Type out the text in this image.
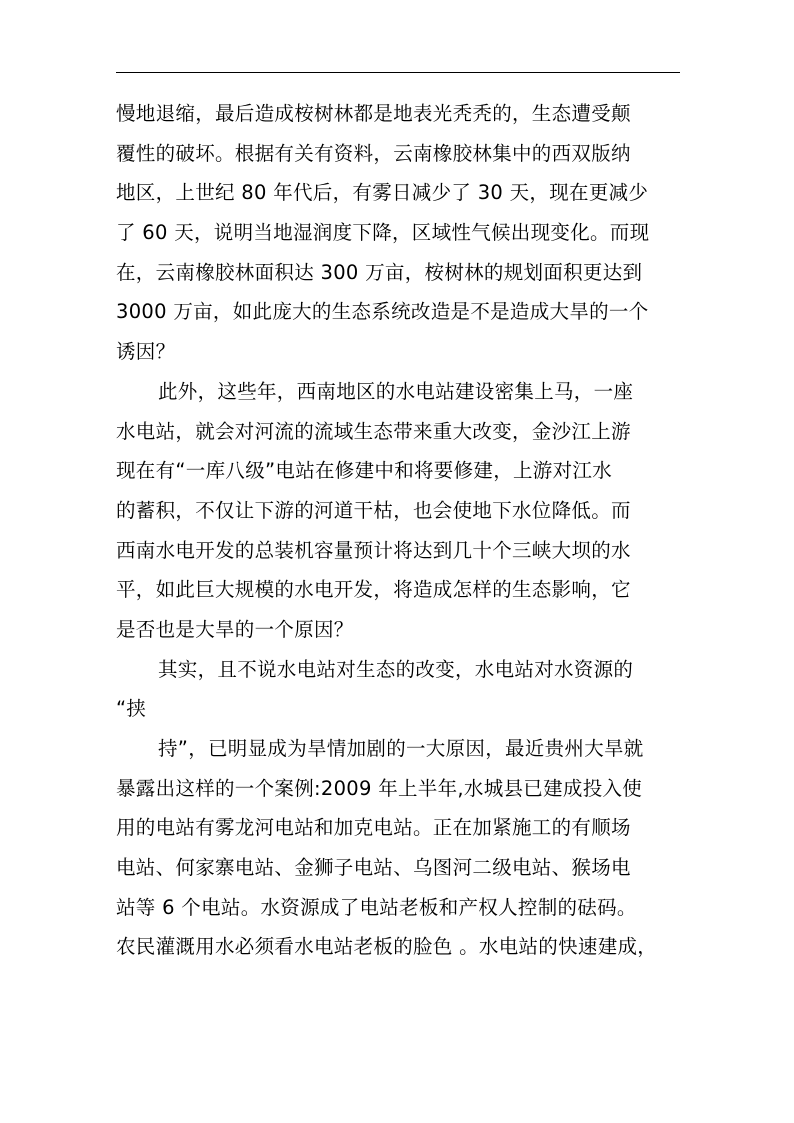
慢地退缩，最后造成桉树林都是地表光秃秃的，生态遭受颠
覆性的破坏。根据有关有资料，云南橡胶林集中的西双版纳
地区，上世纪 80 年代后，有雾日减少了 30 天，现在更减少
了 60 天，说明当地湿润度下降，区域性气候出现变化。而现
在，云南橡胶林面积达 300 万亩，桉树林的规划面积更达到
3000 万亩，如此庞大的生态系统改造是不是造成大旱的一个
诱因？
此外，这些年，西南地区的水电站建设密集上马，一座
水电站，就会对河流的流域生态带来重大改变，金沙江上游
现在有“一库八级”电站在修建中和将要修建，上游对江水
的蓄积，不仅让下游的河道干枯，也会使地下水位降低。而
西南水电开发的总装机容量预计将达到几十个三峡大坝的水
平，如此巨大规模的水电开发，将造成怎样的生态影响，它
是否也是大旱的一个原因？
其实，且不说水电站对生态的改变，水电站对水资源的
“挟
持”，已明显成为旱情加剧的一大原因，最近贵州大旱就
暴露出这样的一个案例:2009 年上半年,水城县已建成投入使
用的电站有雾龙河电站和加克电站。正在加紧施工的有顺场
电站、何家寨电站、金狮子电站、乌图河二级电站、猴场电
站等 6 个电站。水资源成了电站老板和产权人控制的砝码。
农民灌溉用水必须看水电站老板的脸色 。水电站的快速建成，
